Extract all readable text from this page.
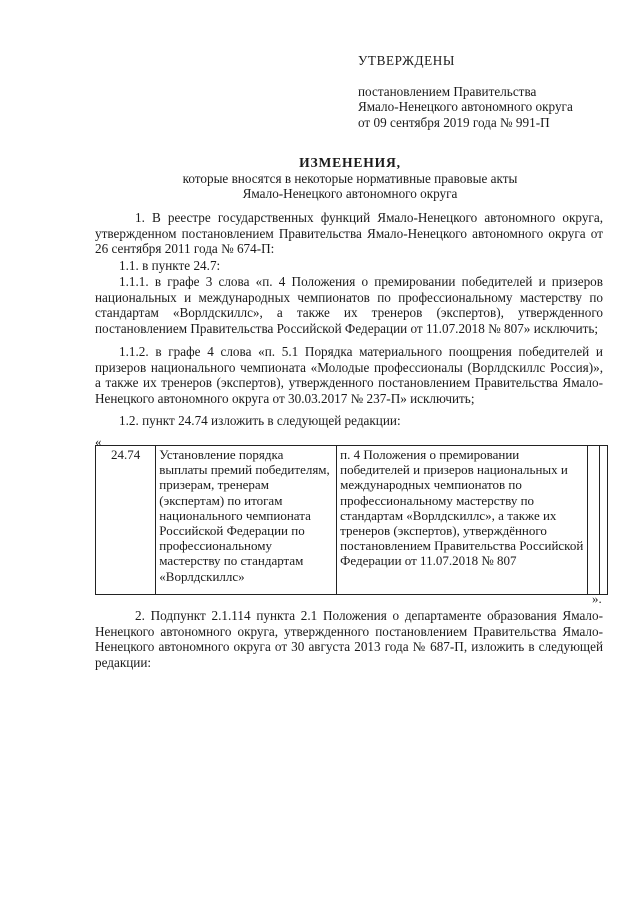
УТВЕРЖДЕНЫ
постановлением Правительства
Ямало-Ненецкого автономного округа
от 09 сентября 2019 года № 991-П
ИЗМЕНЕНИЯ,
которые вносятся в некоторые нормативные правовые акты
Ямало-Ненецкого автономного округа
1. В реестре государственных функций Ямало-Ненецкого автономного округа, утвержденном постановлением Правительства Ямало-Ненецкого автономного округа от 26 сентября 2011 года № 674-П:
1.1. в пункте 24.7:
1.1.1. в графе 3 слова «п. 4 Положения о премировании победителей и призеров национальных и международных чемпионатов по профессиональному мастерству по стандартам «Ворлдскиллс», а также их тренеров (экспертов), утвержденного постановлением Правительства Российской Федерации от 11.07.2018 № 807» исключить;
1.1.2. в графе 4 слова «п. 5.1 Порядка материального поощрения победителей и призеров национального чемпионата «Молодые профессионалы (Ворлдскиллс Россия)», а также их тренеров (экспертов), утвержденного постановлением Правительства Ямало-Ненецкого автономного округа от 30.03.2017 № 237-П» исключить;
1.2. пункт 24.74 изложить в следующей редакции:
«
24.74	Установление порядка выплаты премий победителям, призерам, тренерам (экспертам) по итогам национального чемпионата Российской Федерации по профессиональному мастерству по стандартам «Ворлдскиллс»	п. 4 Положения о премировании победителей и призеров национальных и международных чемпионатов по профессиональному мастерству по стандартам «Ворлдскиллс», а также их тренеров (экспертов), утверждённого постановлением Правительства Российской Федерации от 11.07.2018 № 807		
».
2. Подпункт 2.1.114 пункта 2.1 Положения о департаменте образования Ямало-Ненецкого автономного округа, утвержденного постановлением Правительства Ямало-Ненецкого автономного округа от 30 августа 2013 года № 687-П, изложить в следующей редакции:
